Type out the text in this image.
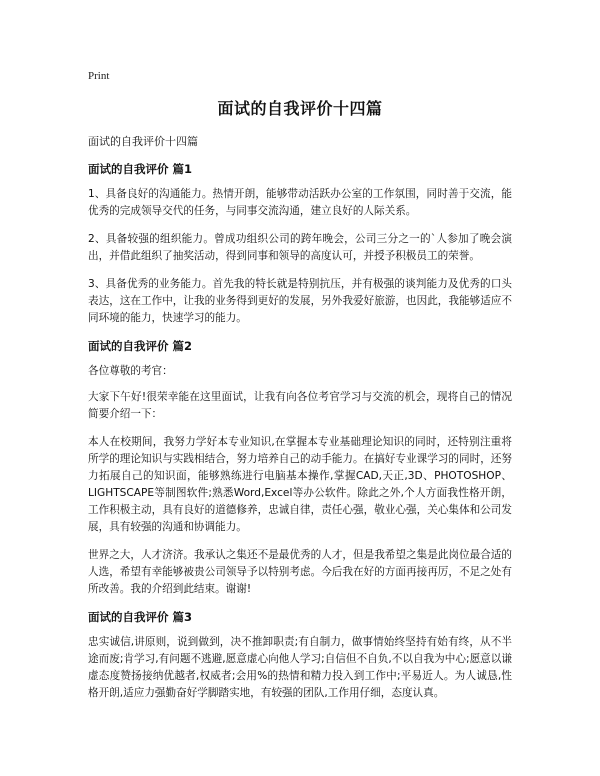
Print
面试的自我评价十四篇
面试的自我评价十四篇
面试的自我评价 篇1

1、具备良好的沟通能力。热情开朗，能够带动活跃办公室的工作氛围，同时善于交流，能优秀的完成领导交代的任务，与同事交流沟通，建立良好的人际关系。

2、具备较强的组织能力。曾成功组织公司的跨年晚会，公司三分之一的`人参加了晚会演出，并借此组织了抽奖活动，得到同事和领导的高度认可，并授予积极员工的荣誉。

3、具备优秀的业务能力。首先我的特长就是特别抗压，并有极强的谈判能力及优秀的口头表达，这在工作中，让我的业务得到更好的发展，另外我爱好旅游，也因此，我能够适应不同环境的能力，快速学习的能力。

面试的自我评价 篇2

各位尊敬的考官：

大家下午好!很荣幸能在这里面试，让我有向各位考官学习与交流的机会，现将自己的情况简要介绍一下：

本人在校期间，我努力学好本专业知识,在掌握本专业基础理论知识的同时，还特别注重将所学的理论知识与实践相结合，努力培养自己的动手能力。在搞好专业课学习的同时，还努力拓展自己的知识面，能够熟练进行电脑基本操作,掌握CAD,天正,3D、PHOTOSHOP、LIGHTSCAPE等制图软件;熟悉Word,Excel等办公软件。除此之外,个人方面我性格开朗，工作积极主动，具有良好的道德修养，忠诚自律，责任心强，敬业心强，关心集体和公司发展，具有较强的沟通和协调能力。

世界之大，人才济济。我承认之集还不是最优秀的人才，但是我希望之集是此岗位最合适的人选，希望有幸能够被贵公司领导予以特别考虑。今后我在好的方面再接再厉，不足之处有所改善。我的介绍到此结束。谢谢!

面试的自我评价 篇3

忠实诚信,讲原则，说到做到，决不推卸职责;有自制力，做事情始终坚持有始有终，从不半途而废;肯学习,有问题不逃避,愿意虚心向他人学习;自信但不自负,不以自我为中心;愿意以谦虚态度赞扬接纳优越者,权威者;会用%的热情和精力投入到工作中;平易近人。为人诚恳,性格开朗,适应力强勤奋好学脚踏实地，有较强的团队,工作用仔细，态度认真。
